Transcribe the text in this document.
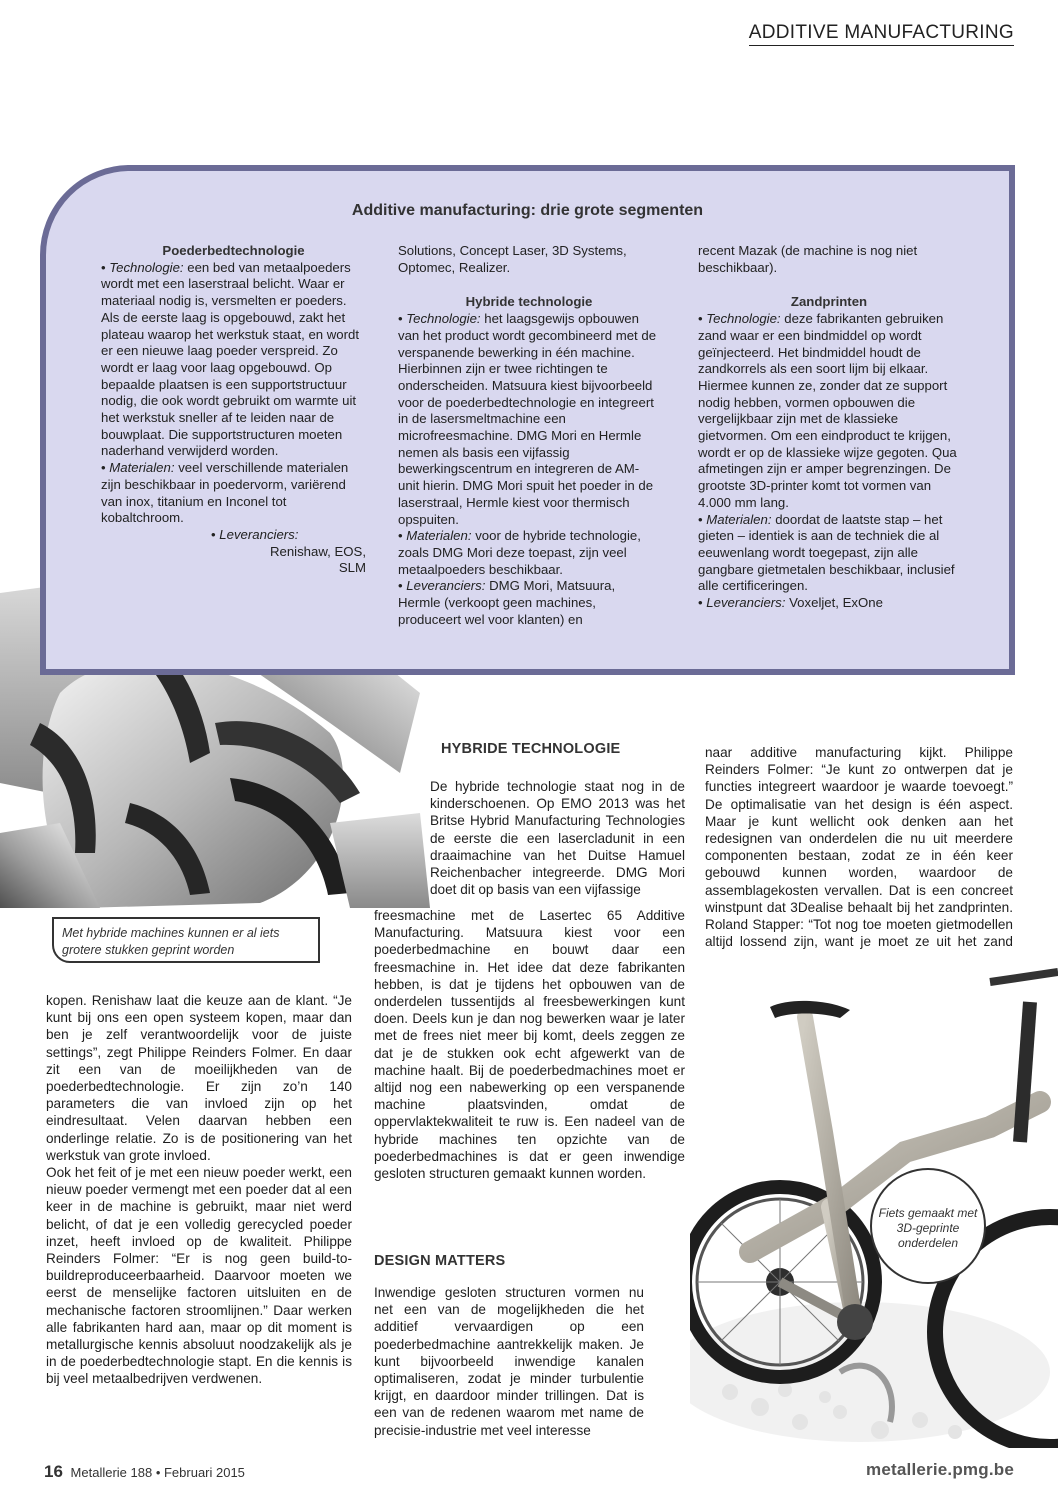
ADDITIVE MANUFACTURING
Additive manufacturing: drie grote segmenten

Poederbedtechnologie

• Technologie: een bed van metaalpoeders wordt met een laserstraal belicht. Waar er materiaal nodig is, versmelten er poeders. Als de eerste laag is opgebouwd, zakt het plateau waarop het werkstuk staat, en wordt er een nieuwe laag poeder verspreid. Zo wordt er laag voor laag opgebouwd. Op bepaalde plaatsen is een supportstructuur nodig, die ook wordt gebruikt om warmte uit het werkstuk sneller af te leiden naar de bouwplaat. Die supportstructuren moeten naderhand verwijderd worden.

• Materialen: veel verschillende materialen zijn beschikbaar in poedervorm, variërend van inox, titanium en Inconel tot kobaltchroom.

• Leveranciers:

Renishaw, EOS,

SLM

Solutions, Concept Laser, 3D Systems, Optomec, Realizer.

Hybride technologie

• Technologie: het laagsgewijs opbouwen van het product wordt gecombineerd met de verspanende bewerking in één machine. Hierbinnen zijn er twee richtingen te onderscheiden. Matsuura kiest bijvoorbeeld voor de poederbedtechnologie en integreert in de lasersmeltmachine een microfreesmachine. DMG Mori en Hermle nemen als basis een vijfassig bewerkingscentrum en integreren de AM-unit hierin. DMG Mori spuit het poeder in de laserstraal, Hermle kiest voor thermisch opspuiten.

• Materialen: voor de hybride technologie, zoals DMG Mori deze toepast, zijn veel metaalpoeders beschikbaar.

• Leveranciers: DMG Mori, Matsuura, Hermle (verkoopt geen machines, produceert wel voor klanten) en

recent Mazak (de machine is nog niet beschikbaar).

Zandprinten

• Technologie: deze fabrikanten gebruiken zand waar er een bindmiddel op wordt geïnjecteerd. Het bindmiddel houdt de zandkorrels als een soort lijm bij elkaar. Hiermee kunnen ze, zonder dat ze support nodig hebben, vormen opbouwen die vergelijkbaar zijn met de klassieke gietvormen. Om een eindproduct te krijgen, wordt er op de klassieke wijze gegoten. Qua afmetingen zijn er amper begrenzingen. De grootste 3D-printer komt tot vormen van 4.000 mm lang.

• Materialen: doordat de laatste stap – het gieten – identiek is aan de techniek die al eeuwenlang wordt toegepast, zijn alle gangbare gietmetalen beschikbaar, inclusief alle certificeringen.

• Leveranciers: Voxeljet, ExOne

Met hybride machines kunnen er al iets grotere stukken geprint worden

kopen. Renishaw laat die keuze aan de klant. “Je kunt bij ons een open systeem kopen, maar dan ben je zelf verantwoordelijk voor de juiste settings”, zegt Philippe Reinders Folmer. En daar zit een van de moeilijkheden van de poederbedtechnologie. Er zijn zo’n 140 parameters die van invloed zijn op het eindresultaat. Velen daarvan hebben een onderlinge relatie. Zo is de positionering van het werkstuk van grote invloed.

Ook het feit of je met een nieuw poeder werkt, een nieuw poeder vermengt met een poeder dat al een keer in de machine is gebruikt, maar niet werd belicht, of dat je een volledig gerecycled poeder inzet, heeft invloed op de kwaliteit. Philippe Reinders Folmer: “Er is nog geen build-to-buildreproduceerbaarheid. Daarvoor moeten we eerst de menselijke factoren uitsluiten en de mechanische factoren stroomlijnen.” Daar werken alle fabrikanten hard aan, maar op dit moment is metallurgische kennis absoluut noodzakelijk als je in de poederbedtechnologie stapt. En die kennis is bij veel metaalbedrijven verdwenen.

HYBRIDE TECHNOLOGIE

De hybride technologie staat nog in de kinderschoenen. Op EMO 2013 was het Britse Hybrid Manufacturing Technologies de eerste die een lasercladunit in een draaimachine van het Duitse Hamuel Reichenbacher integreerde. DMG Mori doet dit op basis van een vijfassige

freesmachine met de Lasertec 65 Additive Manufacturing. Matsuura kiest voor een poederbedmachine en bouwt daar een freesmachine in. Het idee dat deze fabrikanten hebben, is dat je tijdens het opbouwen van de onderdelen tussentijds al freesbewerkingen kunt doen. Deels kun je dan nog bewerken waar je later met de frees niet meer bij komt, deels zeggen ze dat je de stukken ook echt afgewerkt van de machine haalt. Bij de poederbedmachines moet er altijd nog een nabewerking op een verspanende machine plaatsvinden, omdat de oppervlaktekwaliteit te ruw is. Een nadeel van de hybride machines ten opzichte van de poederbedmachines is dat er geen inwendige gesloten structuren gemaakt kunnen worden.

DESIGN MATTERS

Inwendige gesloten structuren vormen nu net een van de mogelijkheden die het additief vervaardigen op een poederbedmachine aantrekkelijk maken. Je kunt bijvoorbeeld inwendige kanalen optimaliseren, zodat je minder turbulentie krijgt, en daardoor minder trillingen. Dat is een van de redenen waarom met name de precisie-industrie met veel interesse

naar additive manufacturing kijkt. Philippe Reinders Folmer: “Je kunt zo ontwerpen dat je functies integreert waardoor je waarde toevoegt.” De optimalisatie van het design is één aspect. Maar je kunt wellicht ook denken aan het redesignen van onderdelen die nu uit meerdere componenten bestaan, zodat ze in één keer gebouwd kunnen worden, waardoor de assemblagekosten vervallen. Dat is een concreet winstpunt dat 3Dealise behaalt bij het zandprinten. Roland Stapper: “Tot nog toe moeten gietmodellen altijd lossend zijn, want je moet ze uit het zand

Fiets gemaakt met 3D-geprinte onderdelen
16 Metallerie 188 • Februari 2015	metallerie.pmg.be
